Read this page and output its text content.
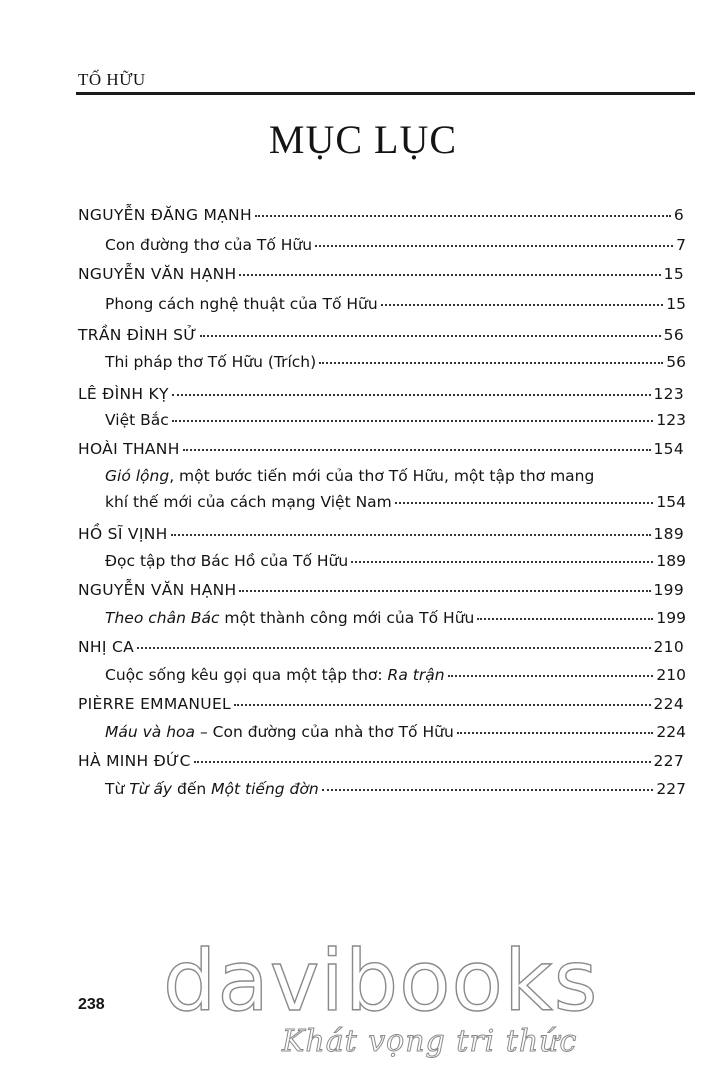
TỐ HỮU
MỤC LỤC
NGUYỄN ĐĂNG MẠNH	6
Con đường thơ của Tố Hữu	7
NGUYỄN VĂN HẠNH	15
Phong cách nghệ thuật của Tố Hữu	15
TRẦN ĐÌNH SỬ	56
Thi pháp thơ Tố Hữu (Trích)	56
LÊ ĐÌNH KỴ	123
Việt Bắc	123
HOÀI THANH	154
Gió lộng, một bước tiến mới của thơ Tố Hữu, một tập thơ mang
khí thế mới của cách mạng Việt Nam	154
HỒ SĨ VỊNH	189
Đọc tập thơ Bác Hồ của Tố Hữu	189
NGUYỄN VĂN HẠNH	199
Theo chân Bác một thành công mới của Tố Hữu	199
NHỊ CA	210
Cuộc sống kêu gọi qua một tập thơ: Ra trận	210
PIÈRRE EMMANUEL	224
Máu và hoa – Con đường của nhà thơ Tố Hữu	224
HÀ MINH ĐỨC	227
Từ Từ ấy đến Một tiếng đờn	227
238 davibooks
Khát vọng tri thức
